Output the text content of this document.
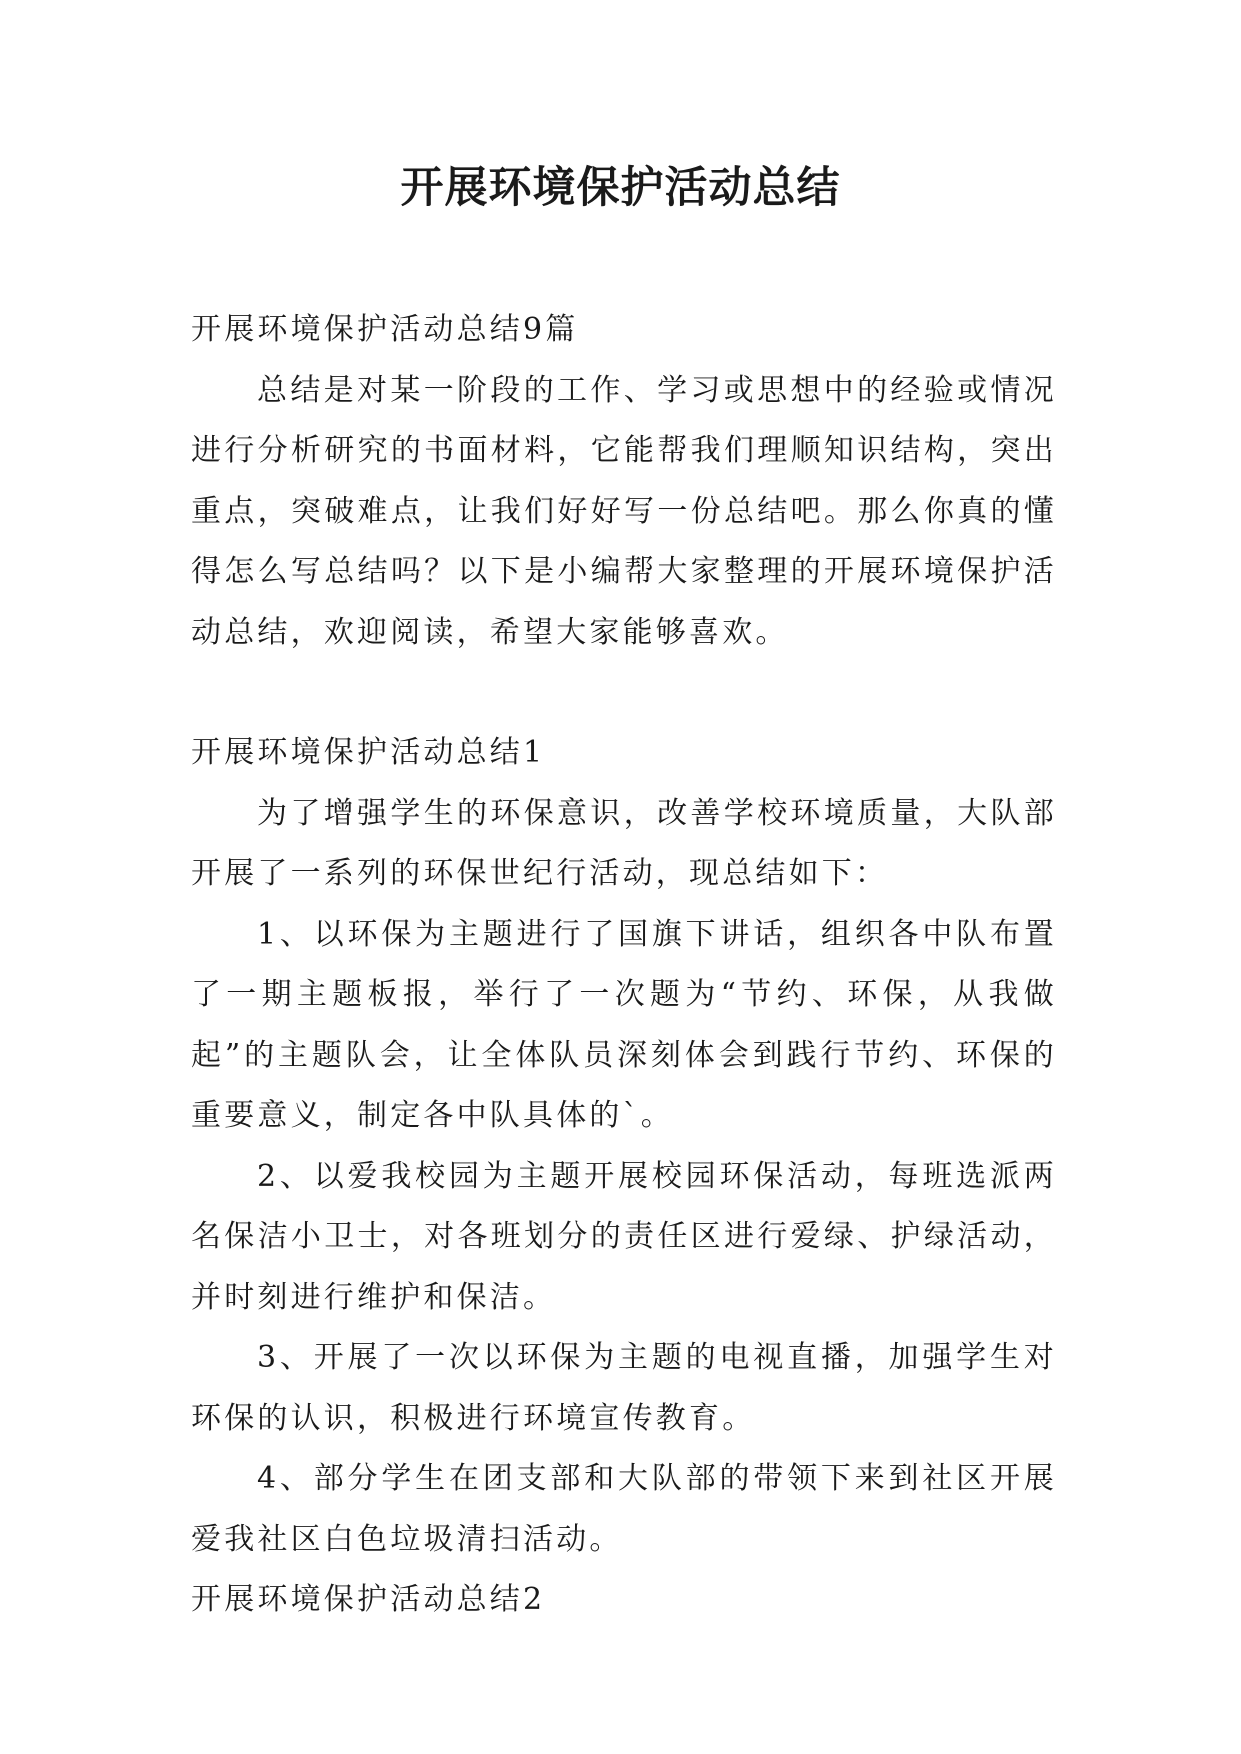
开展环境保护活动总结
开展环境保护活动总结9篇

总结是对某一阶段的工作、学习或思想中的经验或情况进行分析研究的书面材料，它能帮我们理顺知识结构，突出重点，突破难点，让我们好好写一份总结吧。那么你真的懂得怎么写总结吗？以下是小编帮大家整理的开展环境保护活动总结，欢迎阅读，希望大家能够喜欢。

开展环境保护活动总结1

为了增强学生的环保意识，改善学校环境质量，大队部开展了一系列的环保世纪行活动，现总结如下：

1、以环保为主题进行了国旗下讲话，组织各中队布置了一期主题板报，举行了一次题为“节约、环保，从我做起”的主题队会，让全体队员深刻体会到践行节约、环保的重要意义，制定各中队具体的`。

2、以爱我校园为主题开展校园环保活动，每班选派两名保洁小卫士，对各班划分的责任区进行爱绿、护绿活动，并时刻进行维护和保洁。

3、开展了一次以环保为主题的电视直播，加强学生对环保的认识，积极进行环境宣传教育。

4、部分学生在团支部和大队部的带领下来到社区开展爱我社区白色垃圾清扫活动。

开展环境保护活动总结2
